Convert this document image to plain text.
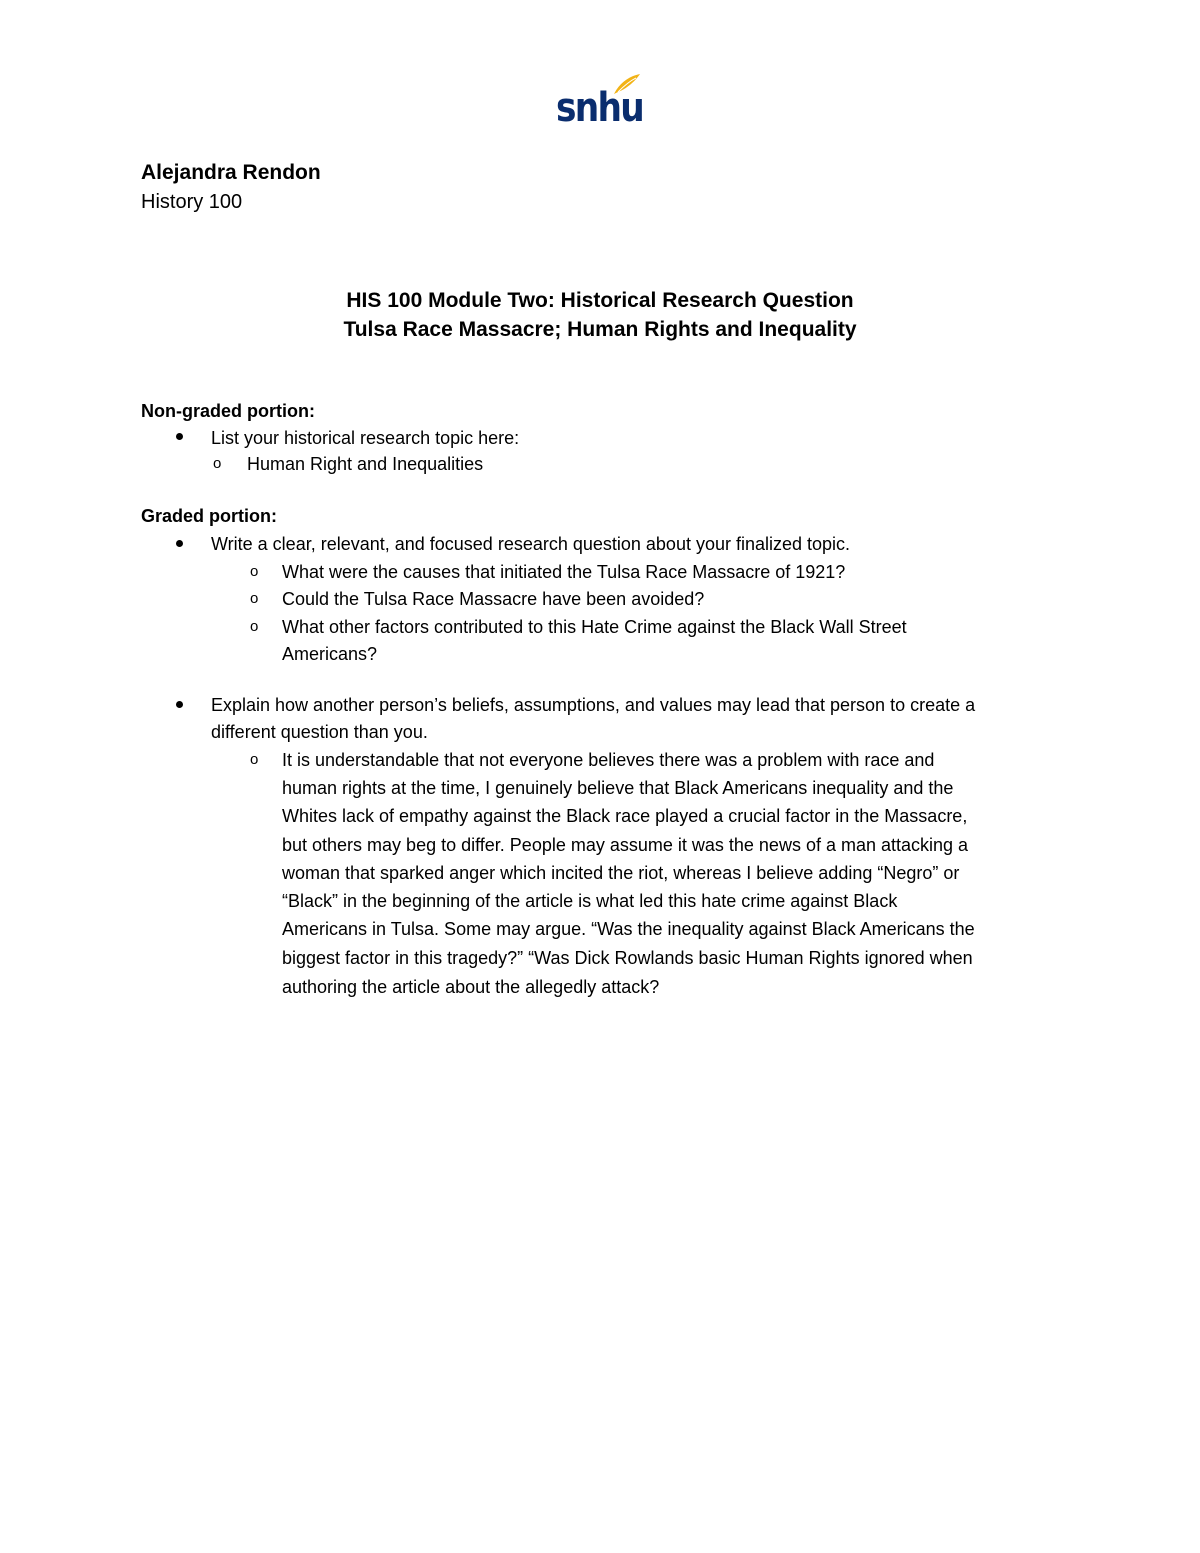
snhu
Alejandra Rendon
History 100
HIS 100 Module Two: Historical Research Question
Tulsa Race Massacre; Human Rights and Inequality
Non-graded portion:
List your historical research topic here:
o Human Right and Inequalities
Graded portion:
Write a clear, relevant, and focused research question about your finalized topic.
o What were the causes that initiated the Tulsa Race Massacre of 1921?
o Could the Tulsa Race Massacre have been avoided?
o What other factors contributed to this Hate Crime against the Black Wall Street
Americans?
Explain how another person’s beliefs, assumptions, and values may lead that person to create a
different question than you.
o It is understandable that not everyone believes there was a problem with race and
human rights at the time, I genuinely believe that Black Americans inequality and the
Whites lack of empathy against the Black race played a crucial factor in the Massacre,
but others may beg to differ. People may assume it was the news of a man attacking a
woman that sparked anger which incited the riot, whereas I believe adding “Negro” or
“Black” in the beginning of the article is what led this hate crime against Black
Americans in Tulsa. Some may argue. “Was the inequality against Black Americans the
biggest factor in this tragedy?” “Was Dick Rowlands basic Human Rights ignored when
authoring the article about the allegedly attack?
